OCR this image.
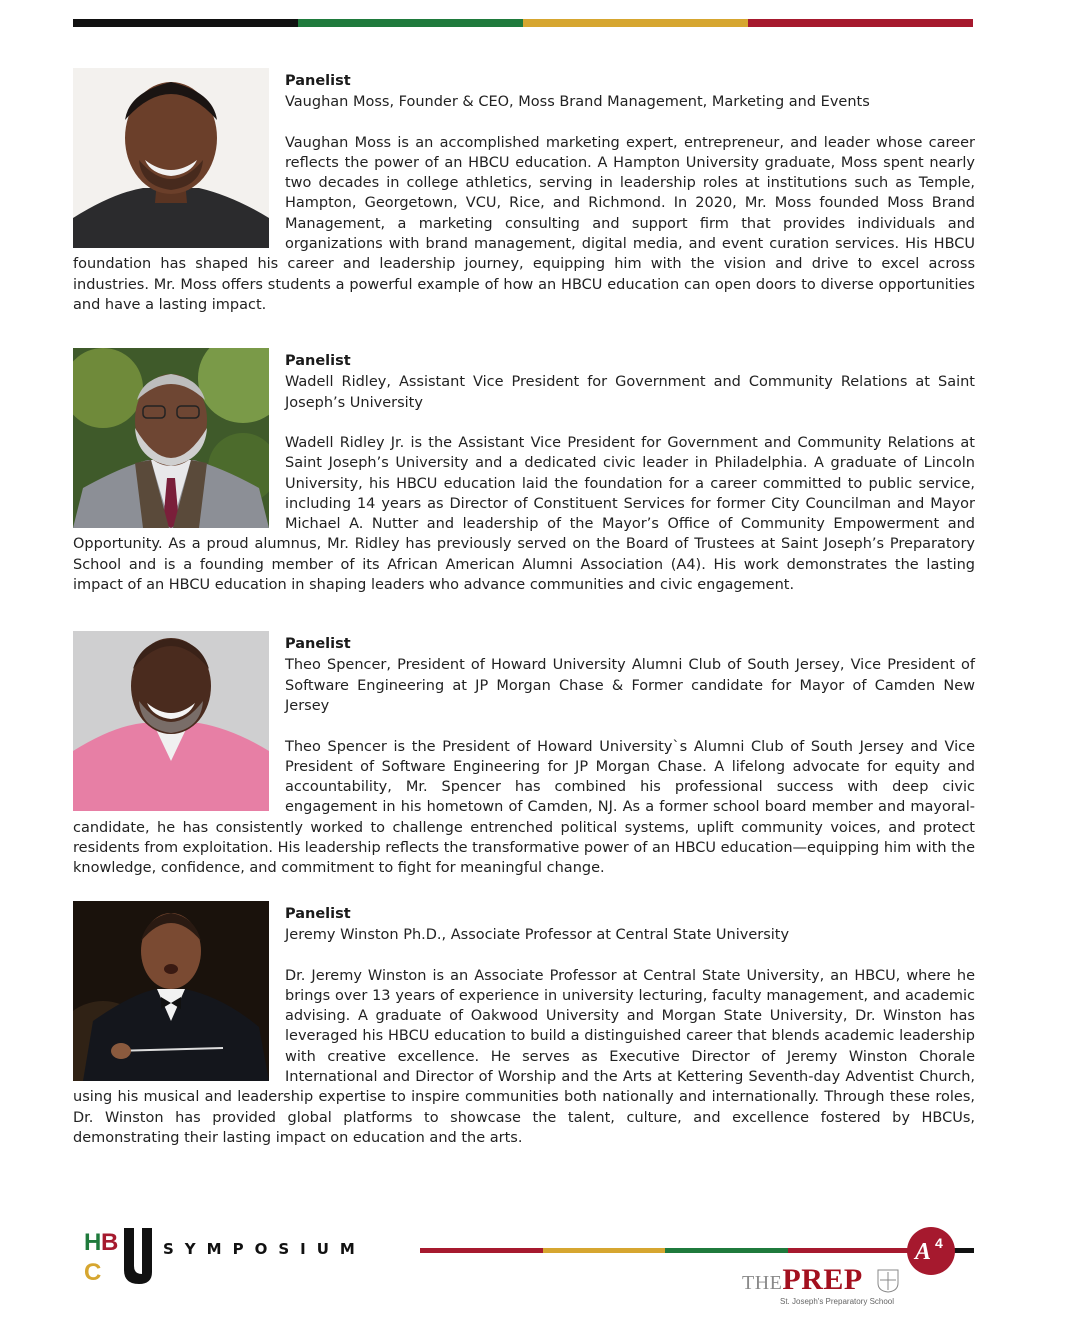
Panelist
Vaughan Moss, Founder & CEO, Moss Brand Management, Marketing and Events
Vaughan Moss is an accomplished marketing expert, entrepreneur, and leader whose career reflects the power of an HBCU education. A Hampton University graduate, Moss spent nearly two decades in college athletics, serving in leadership roles at institutions such as Temple, Hampton, Georgetown, VCU, Rice, and Richmond. In 2020, Mr. Moss founded Moss Brand Management, a marketing consulting and support firm that provides individuals and organizations with brand management, digital media, and event curation services. His HBCU foundation has shaped his career and leadership journey, equipping him with the vision and drive to excel across industries. Mr. Moss offers students a powerful example of how an HBCU education can open doors to diverse opportunities and have a lasting impact.
Panelist
Wadell Ridley, Assistant Vice President for Government and Community Relations at Saint Joseph’s University
Wadell Ridley Jr. is the Assistant Vice President for Government and Community Relations at Saint Joseph’s University and a dedicated civic leader in Philadelphia. A graduate of Lincoln University, his HBCU education laid the foundation for a career committed to public service, including 14 years as Director of Constituent Services for former City Councilman and Mayor Michael A. Nutter and leadership of the Mayor’s Office of Community Empowerment and Opportunity. As a proud alumnus, Mr. Ridley has previously served on the Board of Trustees at Saint Joseph’s Preparatory School and is a founding member of its African American Alumni Association (A4). His work demonstrates the lasting impact of an HBCU education in shaping leaders who advance communities and civic engagement.
Panelist
Theo Spencer, President of Howard University Alumni Club of South Jersey, Vice President of Software Engineering at JP Morgan Chase & Former candidate for Mayor of Camden New Jersey
Theo Spencer is the President of Howard University`s Alumni Club of South Jersey and Vice President of Software Engineering for JP Morgan Chase. A lifelong advocate for equity and accountability, Mr. Spencer has combined his professional success with deep civic engagement in his hometown of Camden, NJ. As a former school board member and mayoral-candidate, he has consistently worked to challenge entrenched political systems, uplift community voices, and protect residents from exploitation. His leadership reflects the transformative power of an HBCU education—equipping him with the knowledge, confidence, and commitment to fight for meaningful change.
Panelist
Jeremy Winston Ph.D., Associate Professor at Central State University
Dr. Jeremy Winston is an Associate Professor at Central State University, an HBCU, where he brings over 13 years of experience in university lecturing, faculty management, and academic advising. A graduate of Oakwood University and Morgan State University, Dr. Winston has leveraged his HBCU education to build a distinguished career that blends academic leadership with creative excellence. He serves as Executive Director of Jeremy Winston Chorale International and Director of Worship and the Arts at Kettering Seventh-day Adventist Church, using his musical and leadership expertise to inspire communities both nationally and internationally. Through these roles, Dr. Winston has provided global platforms to showcase the talent, culture, and excellence fostered by HBCUs, demonstrating their lasting impact on education and the arts.
H B
C
SYMPOSIUM	A 4
THEPREP
St. Joseph's Preparatory School
